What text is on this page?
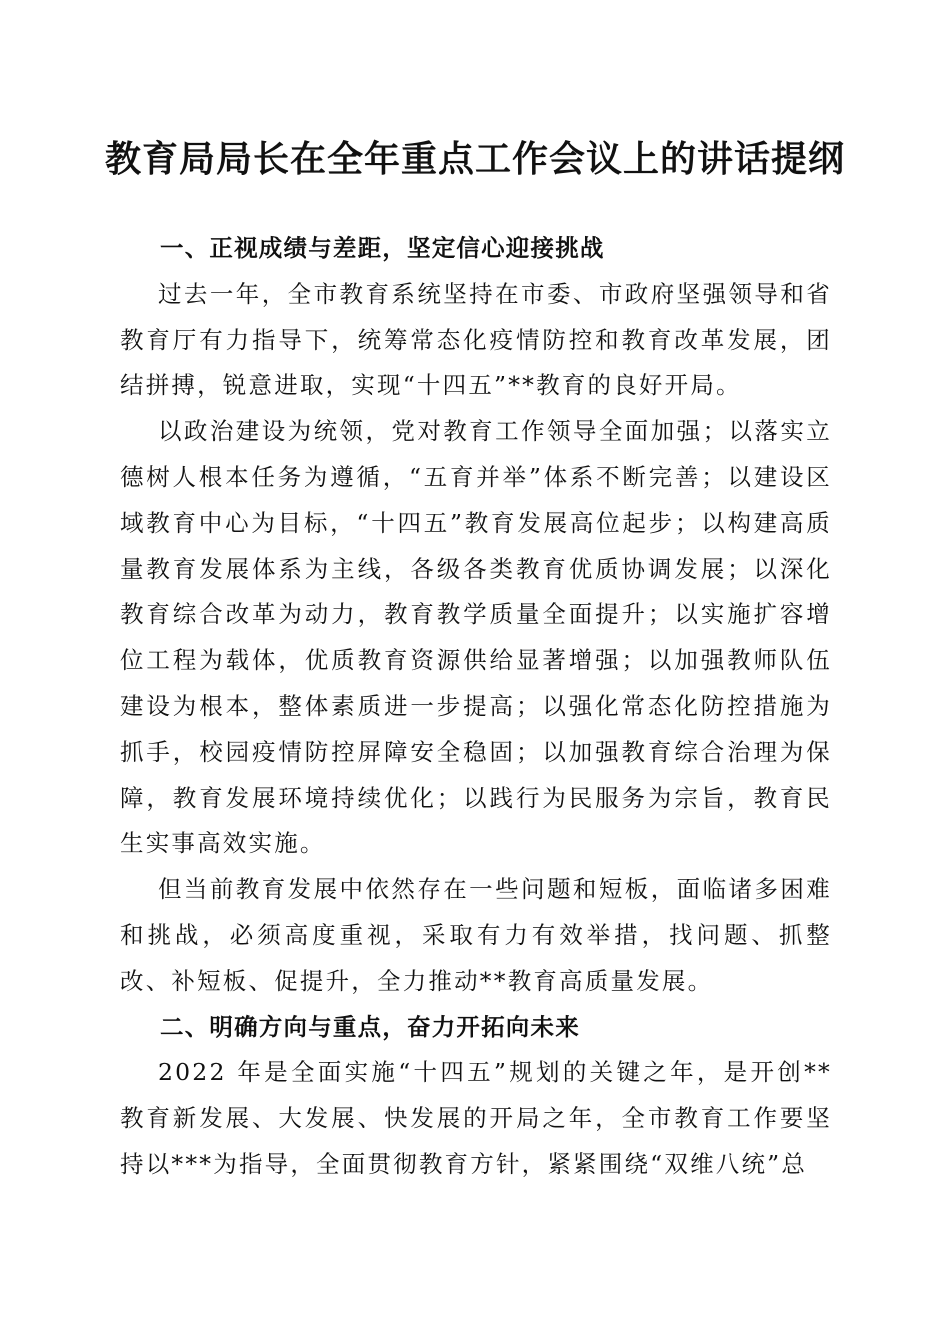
教育局局长在全年重点工作会议上的讲话提纲

一、正视成绩与差距，坚定信心迎接挑战

过去一年，全市教育系统坚持在市委、市政府坚强领导和省教育厅有力指导下，统筹常态化疫情防控和教育改革发展，团结拼搏，锐意进取，实现“十四五”**教育的良好开局。

以政治建设为统领，党对教育工作领导全面加强；以落实立德树人根本任务为遵循，“五育并举”体系不断完善；以建设区域教育中心为目标，“十四五”教育发展高位起步；以构建高质量教育发展体系为主线，各级各类教育优质协调发展；以深化教育综合改革为动力，教育教学质量全面提升；以实施扩容增位工程为载体，优质教育资源供给显著增强；以加强教师队伍建设为根本，整体素质进一步提高；以强化常态化防控措施为抓手，校园疫情防控屏障安全稳固；以加强教育综合治理为保障，教育发展环境持续优化；以践行为民服务为宗旨，教育民生实事高效实施。

但当前教育发展中依然存在一些问题和短板，面临诸多困难和挑战，必须高度重视，采取有力有效举措，找问题、抓整改、补短板、促提升，全力推动**教育高质量发展。

二、明确方向与重点，奋力开拓向未来

2022 年是全面实施“十四五”规划的关键之年，是开创**教育新发展、大发展、快发展的开局之年，全市教育工作要坚持以***为指导，全面贯彻教育方针，紧紧围绕“双维八统”总
